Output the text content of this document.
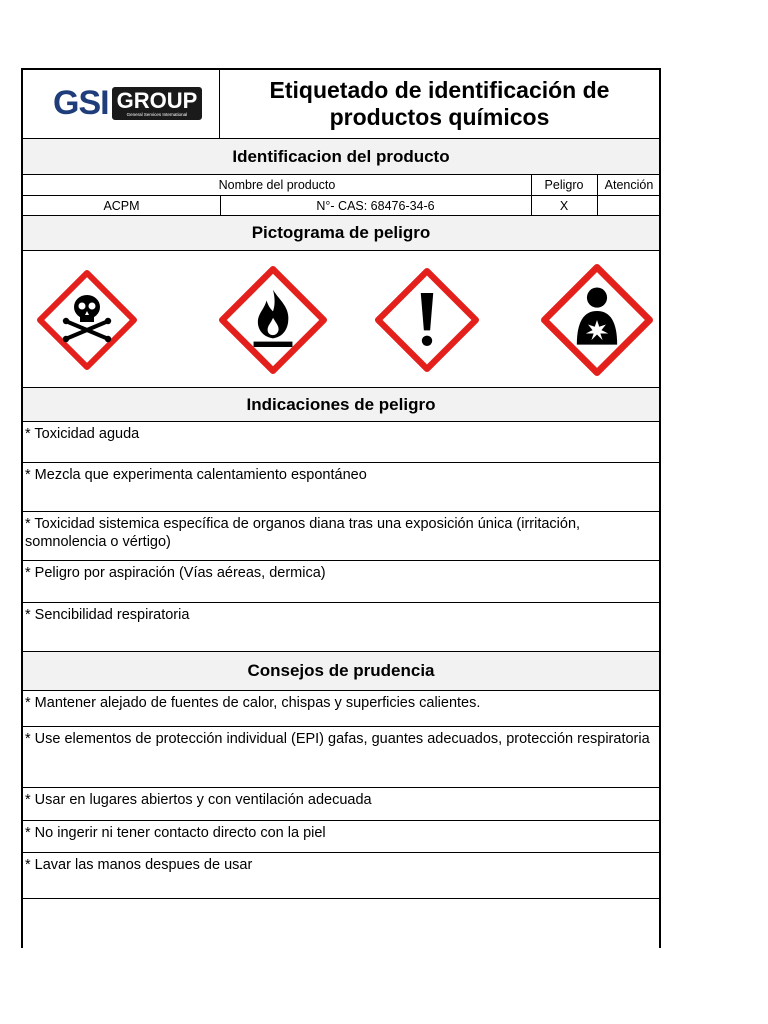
GSI GROUP
General Services International
Etiquetado de identificación de
productos químicos
Identificacion del producto
Nombre del producto	Peligro	Atención
ACPM	N°- CAS: 68476-34-6	X
Pictograma de peligro
Indicaciones de peligro
* Toxicidad aguda
* Mezcla que experimenta calentamiento espontáneo
* Toxicidad sistemica específica de organos diana tras una exposición única (irritación, somnolencia o vértigo)
* Peligro por aspiración (Vías aéreas, dermica)
* Sencibilidad respiratoria
Consejos de prudencia
* Mantener alejado de fuentes de calor, chispas y superficies calientes.
* Use elementos de protección individual (EPI) gafas, guantes adecuados, protección respiratoria
* Usar en lugares abiertos y con ventilación adecuada
* No ingerir ni tener contacto directo con la piel
* Lavar las manos despues de usar
